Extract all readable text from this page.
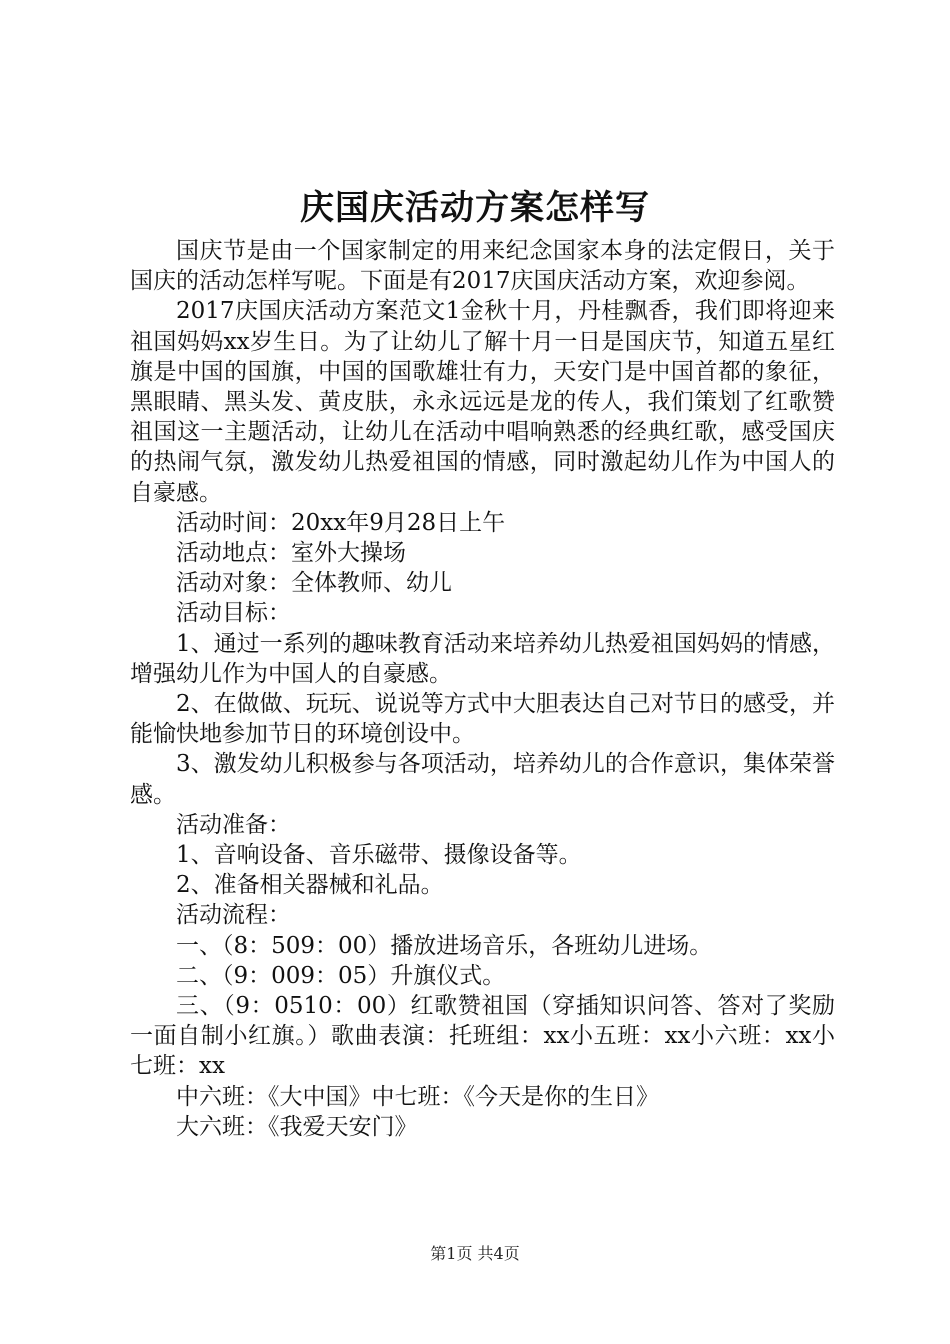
庆国庆活动方案怎样写

国庆节是由一个国家制定的用来纪念国家本身的法定假日，关于国庆的活动怎样写呢。下面是有2017庆国庆活动方案，欢迎参阅。

2017庆国庆活动方案范文1金秋十月，丹桂飘香，我们即将迎来祖国妈妈xx岁生日。为了让幼儿了解十月一日是国庆节，知道五星红旗是中国的国旗，中国的国歌雄壮有力，天安门是中国首都的象征，黑眼睛、黑头发、黄皮肤，永永远远是龙的传人，我们策划了红歌赞祖国这一主题活动，让幼儿在活动中唱响熟悉的经典红歌，感受国庆的热闹气氛，激发幼儿热爱祖国的情感，同时激起幼儿作为中国人的自豪感。

活动时间：20xx年9月28日上午

活动地点：室外大操场

活动对象：全体教师、幼儿

活动目标：

1、通过一系列的趣味教育活动来培养幼儿热爱祖国妈妈的情感，增强幼儿作为中国人的自豪感。

2、在做做、玩玩、说说等方式中大胆表达自己对节日的感受，并能愉快地参加节日的环境创设中。

3、激发幼儿积极参与各项活动，培养幼儿的合作意识，集体荣誉感。

活动准备：

1、音响设备、音乐磁带、摄像设备等。

2、准备相关器械和礼品。

活动流程：

一、（8：509：00）播放进场音乐，各班幼儿进场。

二、（9：009：05）升旗仪式。

三、（9：0510：00）红歌赞祖国（穿插知识问答、答对了奖励一面自制小红旗。）歌曲表演：托班组：xx小五班：xx小六班：xx小七班：xx

中六班：《大中国》中七班：《今天是你的生日》

大六班：《我爱天安门》

第1页 共4页
